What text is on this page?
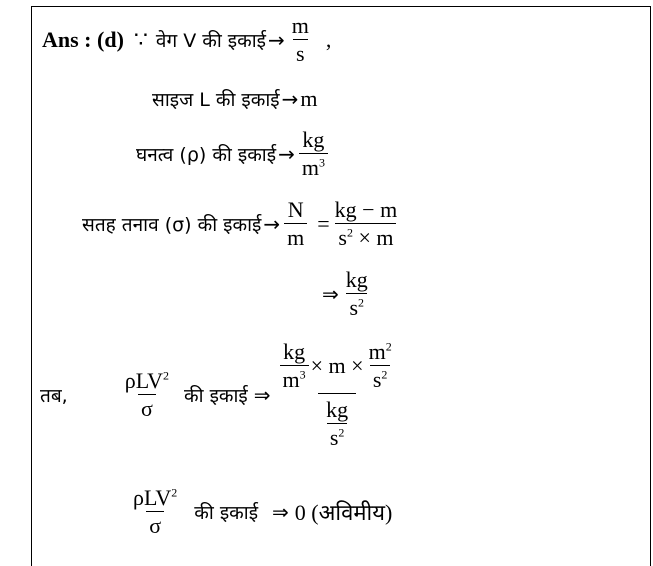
Ans : (d) ∵ वेग V की इकाई → $\frac{m}{s}$ ,
साइज L की इकाई → m
घनत्व (ρ) की इकाई → $\frac{kg}{m^3}$
सतह तनाव (σ) की इकाई → $\frac{N}{m} = \frac{kg - m}{s^2 \times m}$
⇒ $\frac{kg}{s^2}$
तब, $\frac{\rho LV^2}{\sigma}$ की इकाई ⇒
$\frac{kg}{m^3} \times m \times \frac{m^2}{s^2}$
$\frac{kg}{s^2}$
$\frac{\rho LV^2}{\sigma}$ की इकाई ⇒ 0 (अविमीय)
